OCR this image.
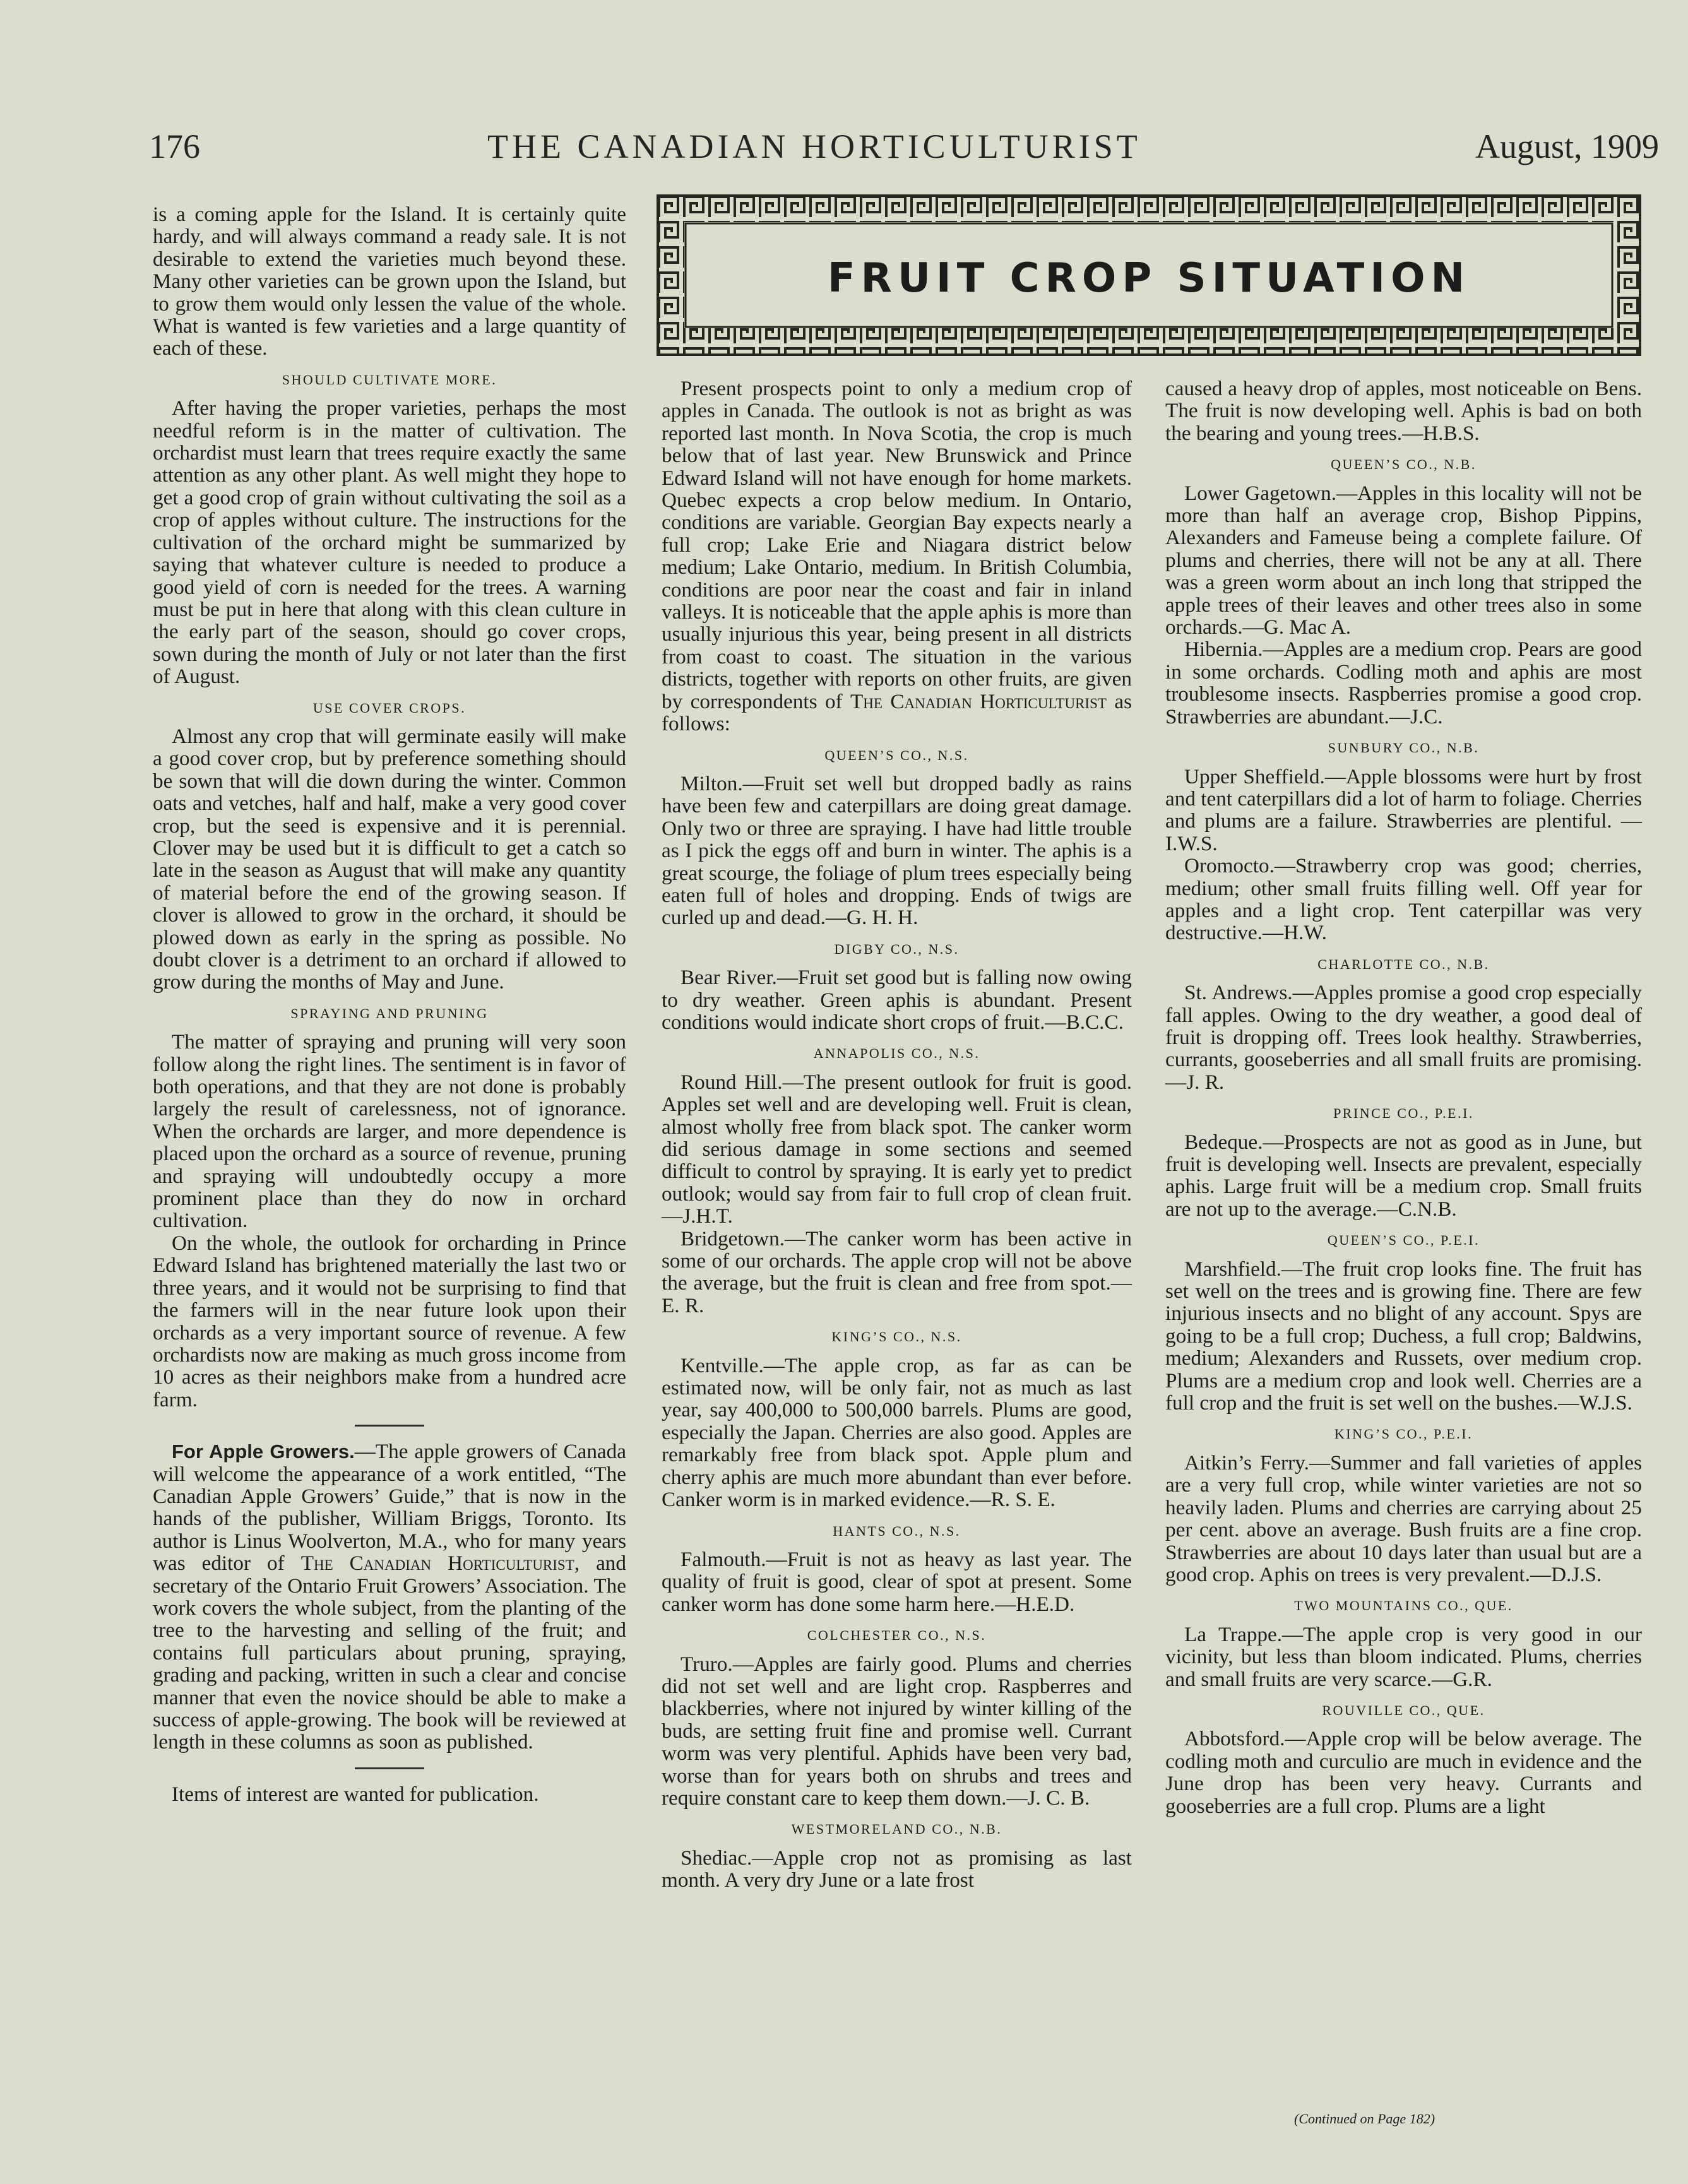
176	THE CANADIAN HORTICULTURIST	August, 1909

is a coming apple for the Island. It is certainly quite hardy, and will always command a ready sale. It is not desirable to extend the varieties much beyond these. Many other varieties can be grown upon the Island, but to grow them would only lessen the value of the whole. What is wanted is few varieties and a large quantity of each of these.

SHOULD CULTIVATE MORE.

After having the proper varieties, perhaps the most needful reform is in the matter of cultivation. The orchardist must learn that trees require exactly the same attention as any other plant. As well might they hope to get a good crop of grain without cultivating the soil as a crop of apples without culture. The instructions for the cultivation of the orchard might be summarized by saying that whatever culture is needed to produce a good yield of corn is needed for the trees. A warning must be put in here that along with this clean culture in the early part of the season, should go cover crops, sown during the month of July or not later than the first of August.

USE COVER CROPS.

Almost any crop that will germinate easily will make a good cover crop, but by preference something should be sown that will die down during the winter. Common oats and vetches, half and half, make a very good cover crop, but the seed is expensive and it is perennial. Clover may be used but it is difficult to get a catch so late in the season as August that will make any quantity of material before the end of the growing season. If clover is allowed to grow in the orchard, it should be plowed down as early in the spring as possible. No doubt clover is a detriment to an orchard if allowed to grow during the months of May and June.

SPRAYING AND PRUNING

The matter of spraying and pruning will very soon follow along the right lines. The sentiment is in favor of both operations, and that they are not done is probably largely the result of carelessness, not of ignorance. When the orchards are larger, and more dependence is placed upon the orchard as a source of revenue, pruning and spraying will undoubtedly occupy a more prominent place than they do now in orchard cultivation.

On the whole, the outlook for orcharding in Prince Edward Island has brightened materially the last two or three years, and it would not be surprising to find that the farmers will in the near future look upon their orchards as a very important source of revenue. A few orchardists now are making as much gross income from 10 acres as their neighbors make from a hundred acre farm.

For Apple Growers.—The apple growers of Canada will welcome the appearance of a work entitled, “The Canadian Apple Growers’ Guide,” that is now in the hands of the publisher, William Briggs, Toronto. Its author is Linus Woolverton, M.A., who for many years was editor of The Canadian Horticulturist, and secretary of the Ontario Fruit Growers’ Association. The work covers the whole subject, from the planting of the tree to the harvesting and selling of the fruit; and contains full particulars about pruning, spraying, grading and packing, written in such a clear and concise manner that even the novice should be able to make a success of apple-growing. The book will be reviewed at length in these columns as soon as published.

Items of interest are wanted for publication.

FRUIT CROP SITUATION

Present prospects point to only a medium crop of apples in Canada. The outlook is not as bright as was reported last month. In Nova Scotia, the crop is much below that of last year. New Brunswick and Prince Edward Island will not have enough for home markets. Quebec expects a crop below medium. In Ontario, conditions are variable. Georgian Bay expects nearly a full crop; Lake Erie and Niagara district below medium; Lake Ontario, medium. In British Columbia, conditions are poor near the coast and fair in inland valleys. It is noticeable that the apple aphis is more than usually injurious this year, being present in all districts from coast to coast. The situation in the various districts, together with reports on other fruits, are given by correspondents of The Canadian Horticulturist as follows:

QUEEN’S CO., N.S.

Milton.—Fruit set well but dropped badly as rains have been few and caterpillars are doing great damage. Only two or three are spraying. I have had little trouble as I pick the eggs off and burn in winter. The aphis is a great scourge, the foliage of plum trees especially being eaten full of holes and dropping. Ends of twigs are curled up and dead.—G. H. H.

DIGBY CO., N.S.

Bear River.—Fruit set good but is falling now owing to dry weather. Green aphis is abundant. Present conditions would indicate short crops of fruit.—B.C.C.

ANNAPOLIS CO., N.S.

Round Hill.—The present outlook for fruit is good. Apples set well and are developing well. Fruit is clean, almost wholly free from black spot. The canker worm did serious damage in some sections and seemed difficult to control by spraying. It is early yet to predict outlook; would say from fair to full crop of clean fruit.—J.H.T.

Bridgetown.—The canker worm has been active in some of our orchards. The apple crop will not be above the average, but the fruit is clean and free from spot.—E. R.

KING’S CO., N.S.

Kentville.—The apple crop, as far as can be estimated now, will be only fair, not as much as last year, say 400,000 to 500,000 barrels. Plums are good, especially the Japan. Cherries are also good. Apples are remarkably free from black spot. Apple plum and cherry aphis are much more abundant than ever before. Canker worm is in marked evidence.—R. S. E.

HANTS CO., N.S.

Falmouth.—Fruit is not as heavy as last year. The quality of fruit is good, clear of spot at present. Some canker worm has done some harm here.—H.E.D.

COLCHESTER CO., N.S.

Truro.—Apples are fairly good. Plums and cherries did not set well and are light crop. Raspberres and blackberries, where not injured by winter killing of the buds, are setting fruit fine and promise well. Currant worm was very plentiful. Aphids have been very bad, worse than for years both on shrubs and trees and require constant care to keep them down.—J. C. B.

WESTMORELAND CO., N.B.

Shediac.—Apple crop not as promising as last month. A very dry June or a late frost

caused a heavy drop of apples, most noticeable on Bens. The fruit is now developing well. Aphis is bad on both the bearing and young trees.—H.B.S.

QUEEN’S CO., N.B.

Lower Gagetown.—Apples in this locality will not be more than half an average crop, Bishop Pippins, Alexanders and Fameuse being a complete failure. Of plums and cherries, there will not be any at all. There was a green worm about an inch long that stripped the apple trees of their leaves and other trees also in some orchards.—G. Mac A.

Hibernia.—Apples are a medium crop. Pears are good in some orchards. Codling moth and aphis are most troublesome insects. Raspberries promise a good crop. Strawberries are abundant.—J.C.

SUNBURY CO., N.B.

Upper Sheffield.—Apple blossoms were hurt by frost and tent caterpillars did a lot of harm to foliage. Cherries and plums are a failure. Strawberries are plentiful. —I.W.S.

Oromocto.—Strawberry crop was good; cherries, medium; other small fruits filling well. Off year for apples and a light crop. Tent caterpillar was very destructive.—H.W.

CHARLOTTE CO., N.B.

St. Andrews.—Apples promise a good crop especially fall apples. Owing to the dry weather, a good deal of fruit is dropping off. Trees look healthy. Strawberries, currants, gooseberries and all small fruits are promising.—J. R.

PRINCE CO., P.E.I.

Bedeque.—Prospects are not as good as in June, but fruit is developing well. Insects are prevalent, especially aphis. Large fruit will be a medium crop. Small fruits are not up to the average.—C.N.B.

QUEEN’S CO., P.E.I.

Marshfield.—The fruit crop looks fine. The fruit has set well on the trees and is growing fine. There are few injurious insects and no blight of any account. Spys are going to be a full crop; Duchess, a full crop; Baldwins, medium; Alexanders and Russets, over medium crop. Plums are a medium crop and look well. Cherries are a full crop and the fruit is set well on the bushes.—W.J.S.

KING’S CO., P.E.I.

Aitkin’s Ferry.—Summer and fall varieties of apples are a very full crop, while winter varieties are not so heavily laden. Plums and cherries are carrying about 25 per cent. above an average. Bush fruits are a fine crop. Strawberries are about 10 days later than usual but are a good crop. Aphis on trees is very prevalent.—D.J.S.

TWO MOUNTAINS CO., QUE.

La Trappe.—The apple crop is very good in our vicinity, but less than bloom indicated. Plums, cherries and small fruits are very scarce.—G.R.

ROUVILLE CO., QUE.

Abbotsford.—Apple crop will be below average. The codling moth and curculio are much in evidence and the June drop has been very heavy. Currants and gooseberries are a full crop. Plums are a light

(Continued on Page 182)
